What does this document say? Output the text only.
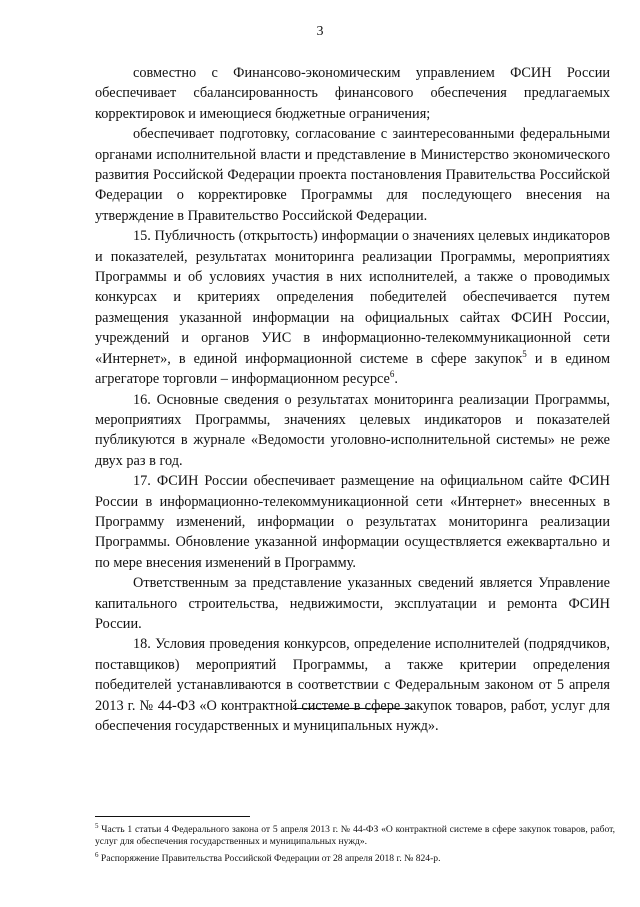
3

совместно с Финансово-экономическим управлением ФСИН России обеспечивает сбалансированность финансового обеспечения предлагаемых корректировок и имеющиеся бюджетные ограничения;

обеспечивает подготовку, согласование с заинтересованными федеральными органами исполнительной власти и представление в Министерство экономического развития Российской Федерации проекта постановления Правительства Российской Федерации о корректировке Программы для последующего внесения на утверждение в Правительство Российской Федерации.

15. Публичность (открытость) информации о значениях целевых индикаторов и показателей, результатах мониторинга реализации Программы, мероприятиях Программы и об условиях участия в них исполнителей, а также о проводимых конкурсах и критериях определения победителей обеспечивается путем размещения указанной информации на официальных сайтах ФСИН России, учреждений и органов УИС в информационно-телекоммуникационной сети «Интернет», в единой информационной системе в сфере закупок$^5$ и в едином агрегаторе торговли – информационном ресурсе$^6$.

16. Основные сведения о результатах мониторинга реализации Программы, мероприятиях Программы, значениях целевых индикаторов и показателей публикуются в журнале «Ведомости уголовно-исполнительной системы» не реже двух раз в год.

17. ФСИН России обеспечивает размещение на официальном сайте ФСИН России в информационно-телекоммуникационной сети «Интернет» внесенных в Программу изменений, информации о результатах мониторинга реализации Программы. Обновление указанной информации осуществляется ежеквартально и по мере внесения изменений в Программу.

Ответственным за представление указанных сведений является Управление капитального строительства, недвижимости, эксплуатации и ремонта ФСИН России.

18. Условия проведения конкурсов, определение исполнителей (подрядчиков, поставщиков) мероприятий Программы, а также критерии определения победителей устанавливаются в соответствии с Федеральным законом от 5 апреля 2013 г. № 44-ФЗ «О контрактной системе в сфере закупок товаров, работ, услуг для обеспечения государственных и муниципальных нужд».

$^5$ Часть 1 статьи 4 Федерального закона от 5 апреля 2013 г. № 44-ФЗ «О контрактной системе в сфере закупок товаров, работ, услуг для обеспечения государственных и муниципальных нужд».

$^6$ Распоряжение Правительства Российской Федерации от 28 апреля 2018 г. № 824-р.
